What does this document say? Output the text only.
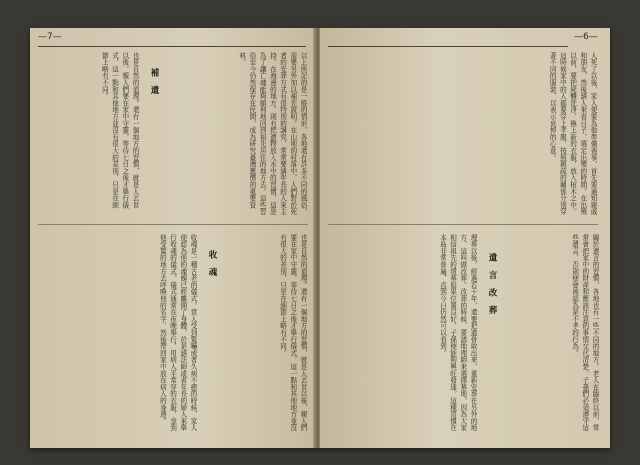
—7—
也是自然的道理。還有一個地方的習慣，就是人去世以後，親人們要在家中守靈，等待七日之後才舉行儀式，這一點和其他地方並沒有很大的差別，只是在細節上略有不同。	補 遺	以上所記的是一般的情形，各地還有許多不同的風俗，需要另外加以補充說明。在山地的村落中，人們對於死者的安葬方式有很特別的講究，常常要請年長的人來主持。在海邊的地方，則有把遺物放入水中的習慣，這是為了讓亡魂能夠順利地回到祖先居住的地方去。這些習俗至今仍然保存在民間，成為研究臺灣舊慣的重要資料。
收魂是一種古老的儀式。當人受到驚嚇或者久病不癒的時候，家人便認為他的魂魄已經離開了身體，於是請法師或者年長的婦人來舉行收魂的儀式。儀式通常在夜晚舉行，用病人平常穿的衣服，拿到他受驚的地方去呼喚他的名字，然後帶回家中放在病人的身邊。	收 魂	也是自然的道理。還有一個地方的習慣，就是人去世以後，親人們要在家中守靈，等待七日之後才舉行儀式，這一點和其他地方並沒有很大的差別，只是在細節上略有不同。
—6—
人死了以後，家人便要為他準備喪事，首先要通知親戚和朋友，然後請人來看日子，選定出殯的時間。在出殯以前，要把屍體洗淨，換上新的衣服，放入棺木之中。這時候家中的人都要穿上孝服，按照親疏的關係分別穿著不同的服裝，以表示哀悼的心意。
埋葬以後，經過若干年，還要把遺骨取出來，重新安葬在另外的地方，這叫做改葬。改葬的時候，要請地理師來選擇墓地，因為大家相信祖先的墳墓如果位置良好，子孫便能夠興旺發達。這種習慣在本島非常普遍，直到今日仍然可以看到。	遺 言 改 葬	關於遺言的習慣，各地也有一些不同的地方。老人在臨終以前，常常會把家中的財產和應該注意的事情交代清楚，子孫們必須遵守這些遺言，否則便會被認為是不孝的行為。
